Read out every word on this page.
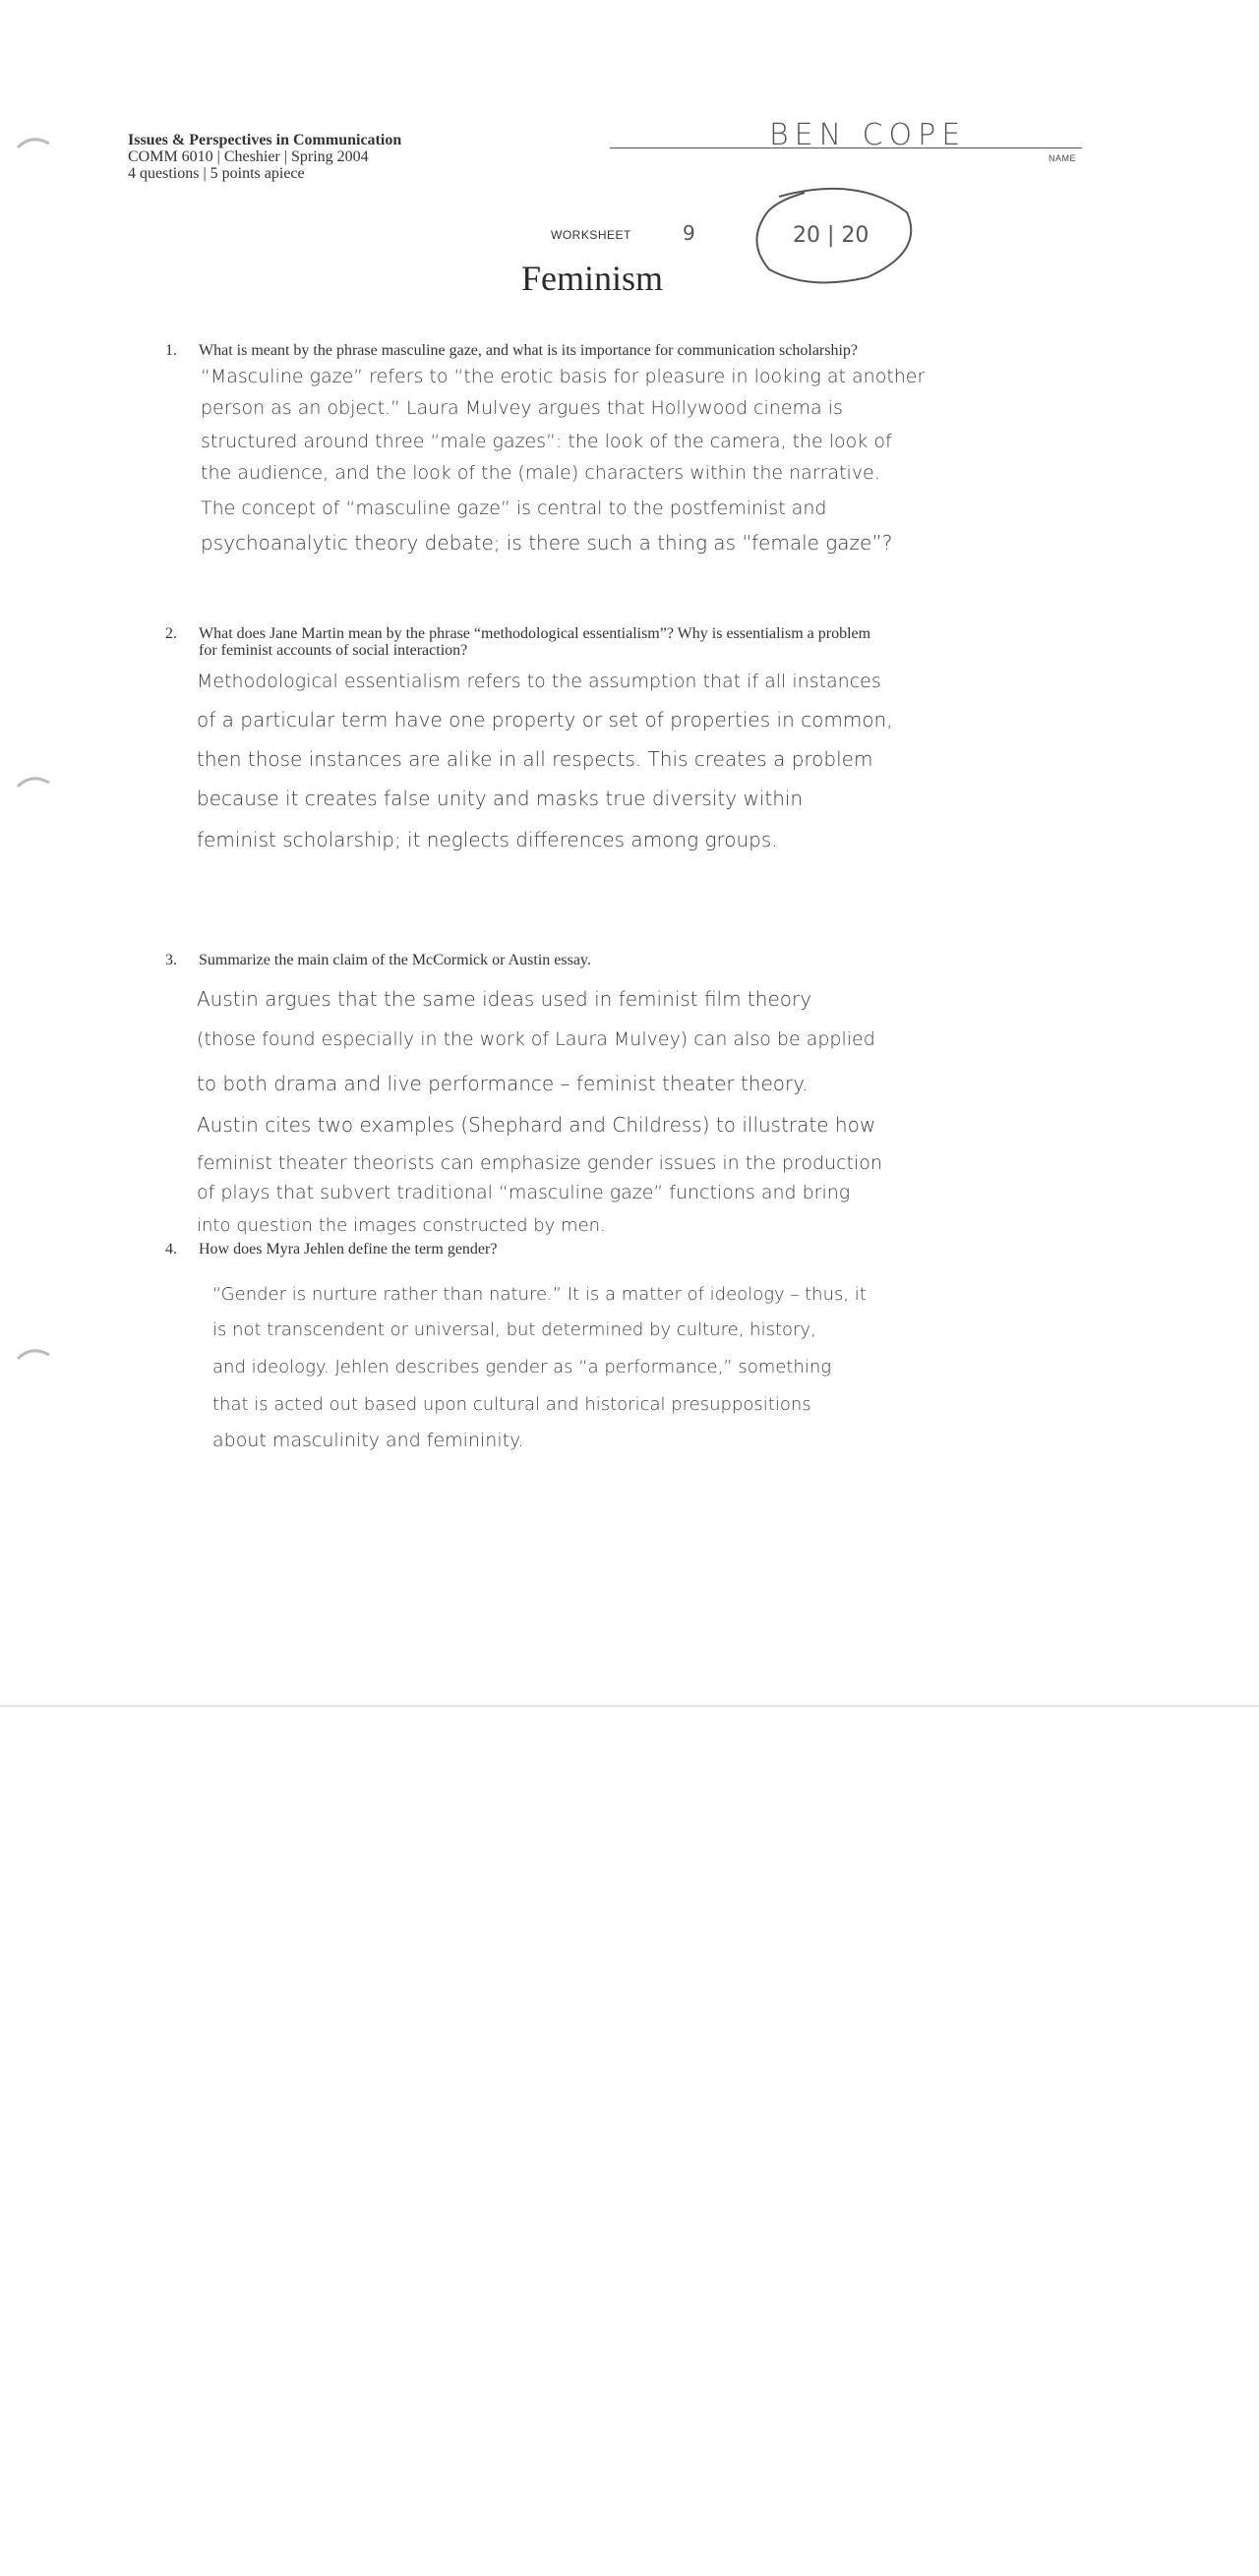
Issues & Perspectives in Communication
COMM 6010 | Cheshier | Spring 2004
4 questions | 5 points apiece
BEN COPE
NAME
WORKSHEET	9
Feminism
20 | 20
1. What is meant by the phrase masculine gaze, and what is its importance for communication scholarship?
“Masculine gaze” refers to “the erotic basis for pleasure in looking at another
person as an object.” Laura Mulvey argues that Hollywood cinema is
structured around three “male gazes”: the look of the camera, the look of
the audience, and the look of the (male) characters within the narrative.
The concept of “masculine gaze” is central to the postfeminist and
psychoanalytic theory debate; is there such a thing as “female gaze”?
2. What does Jane Martin mean by the phrase “methodological essentialism”? Why is essentialism a problem
for feminist accounts of social interaction?
Methodological essentialism refers to the assumption that if all instances
of a particular term have one property or set of properties in common,
then those instances are alike in all respects. This creates a problem
because it creates false unity and masks true diversity within
feminist scholarship; it neglects differences among groups.
3. Summarize the main claim of the McCormick or Austin essay.
Austin argues that the same ideas used in feminist film theory
(those found especially in the work of Laura Mulvey) can also be applied
to both drama and live performance – feminist theater theory.
Austin cites two examples (Shephard and Childress) to illustrate how
feminist theater theorists can emphasize gender issues in the production
of plays that subvert traditional “masculine gaze” functions and bring
into question the images constructed by men.
4. How does Myra Jehlen define the term gender?
“Gender is nurture rather than nature.” It is a matter of ideology – thus, it
is not transcendent or universal, but determined by culture, history,
and ideology. Jehlen describes gender as “a performance,” something
that is acted out based upon cultural and historical presuppositions
about masculinity and femininity.
